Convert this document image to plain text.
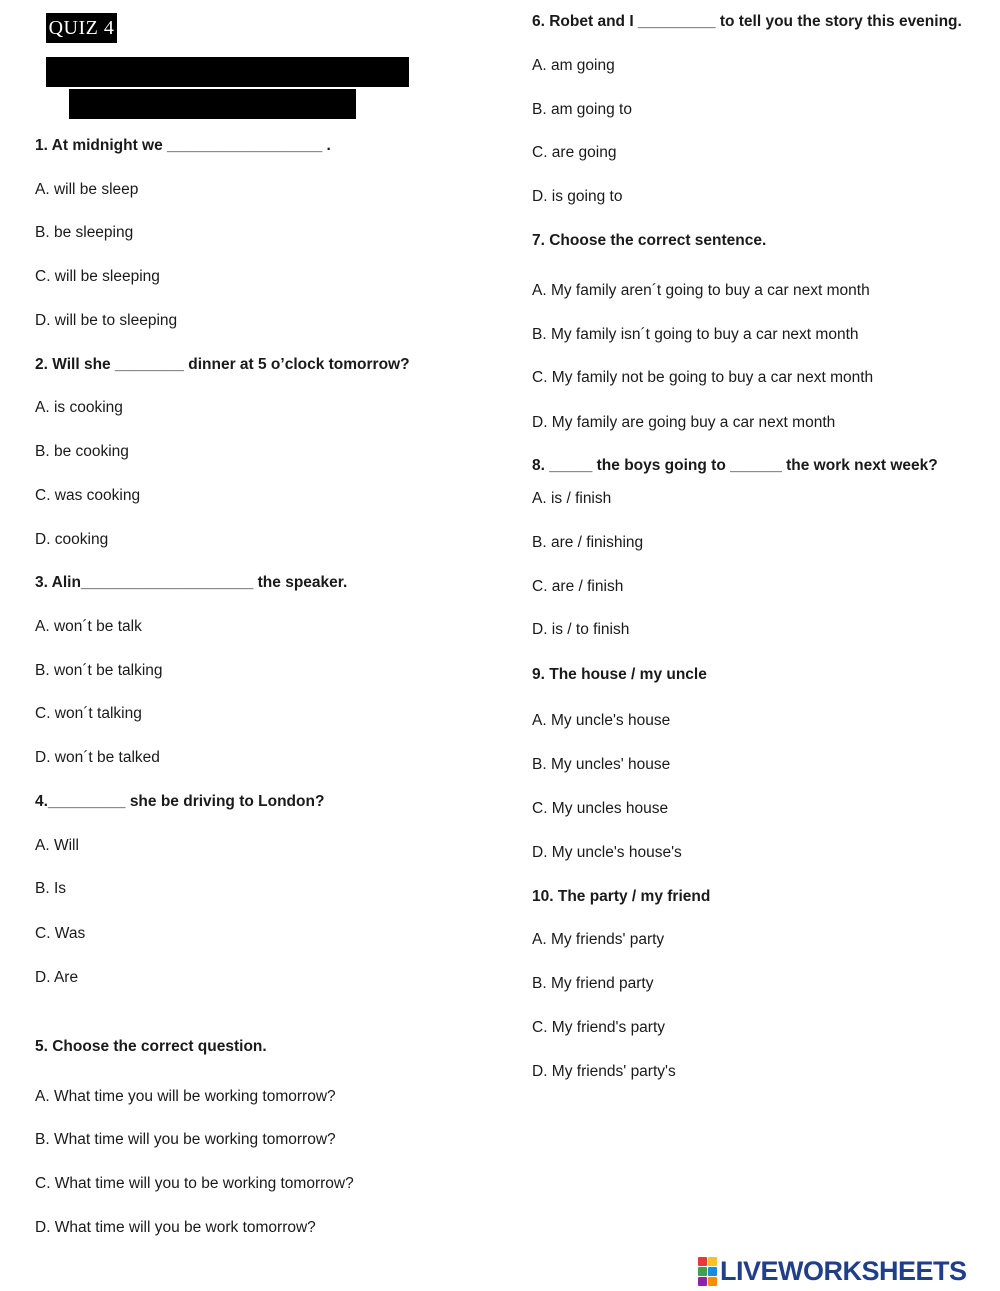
QUIZ 4
1. At midnight we __________________ .
A. will be sleep
B. be sleeping
C. will be sleeping
D. will be to sleeping
2. Will she ________ dinner at 5 o’clock tomorrow?
A. is cooking
B. be cooking
C. was cooking
D. cooking
3. Alin____________________ the speaker.
A. won´t be talk
B. won´t be talking
C. won´t talking
D. won´t be talked
4._________ she be driving to London?
A. Will
B. Is
C. Was
D. Are
5. Choose the correct question.
A. What time you will be working tomorrow?
B. What time will you be working tomorrow?
C. What time will you to be working tomorrow?
D. What time will you be work tomorrow?
6. Robet and I _________ to tell you the story this evening.
A. am going
B. am going to
C. are going
D. is going to
7. Choose the correct sentence.
A. My family aren´t going to buy a car next month
B. My family isn´t going to buy a car next month
C. My family not be going to buy a car next month
D. My family are going buy a car next month
8. _____ the boys going to ______ the work next week?
A. is / finish
B. are / finishing
C. are / finish
D. is / to finish
9. The house / my uncle
A. My uncle's house
B. My uncles' house
C. My uncles house
D. My uncle's house's
10. The party / my friend
A. My friends' party
B. My friend party
C. My friend's party
D. My friends' party's
LIVEWORKSHEETS
